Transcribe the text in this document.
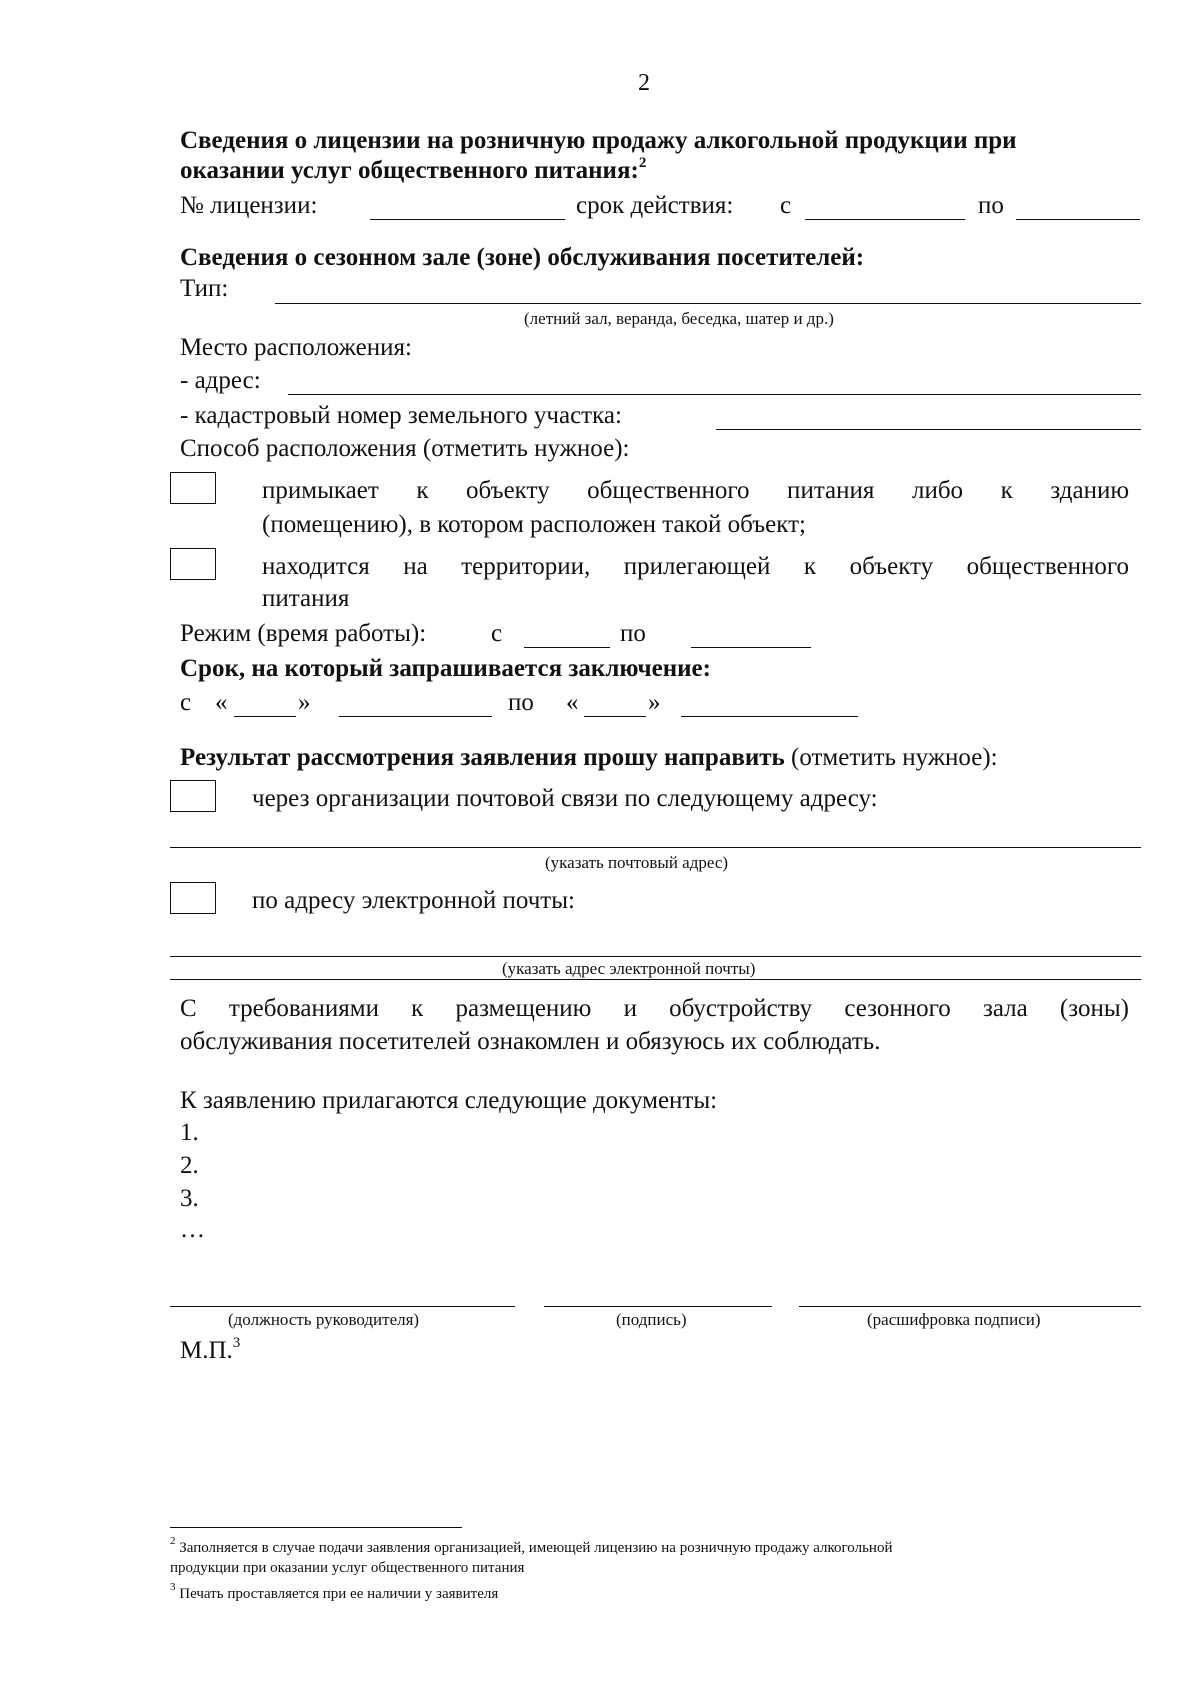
2
Сведения о лицензии на розничную продажу алкогольной продукции при
оказании услуг общественного питания:$^2$
№ лицензии:	срок действия: с	по
Сведения о сезонном зале (зоне) обслуживания посетителей:
Тип:
(летний зал, веранда, беседка, шатер и др.)
Место расположения:
- адрес:
- кадастровый номер земельного участка:
Способ расположения (отметить нужное):
примыкает к объекту общественного питания либо к зданию
(помещению), в котором расположен такой объект;
находится на территории, прилегающей к объекту общественного
питания
Режим (время работы):	с	по
Срок, на который запрашивается заключение:
с «	»	по «	»
Результат рассмотрения заявления прошу направить (отметить нужное):
через организации почтовой связи по следующему адресу:
(указать почтовый адрес)
по адресу электронной почты:
(указать адрес электронной почты)
С требованиями к размещению и обустройству сезонного зала (зоны)
обслуживания посетителей ознакомлен и обязуюсь их соблюдать.
К заявлению прилагаются следующие документы:
1.
2.
3.
…
(должность руководителя)	(подпись)	(расшифровка подписи)
М.П.$^3$
$^2$ Заполняется в случае подачи заявления организацией, имеющей лицензию на розничную продажу алкогольной
продукции при оказании услуг общественного питания
$^3$ Печать проставляется при ее наличии у заявителя
